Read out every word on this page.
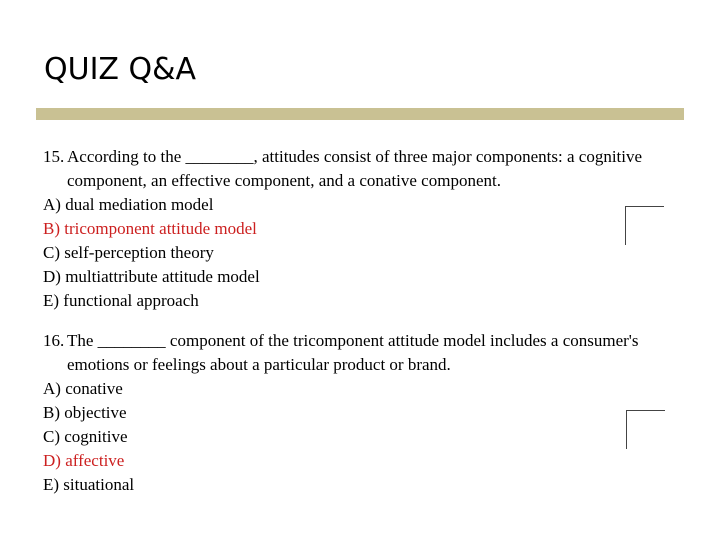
QUIZ Q&A

15. According to the ________, attitudes consist of three major components: a cognitive component, an effective component, and a conative component.

A) dual mediation model

B) tricomponent attitude model

C) self-perception theory

D) multiattribute attitude model

E) functional approach

16. The ________ component of the tricomponent attitude model includes a consumer's emotions or feelings about a particular product or brand.

A) conative

B) objective

C) cognitive

D) affective

E) situational
